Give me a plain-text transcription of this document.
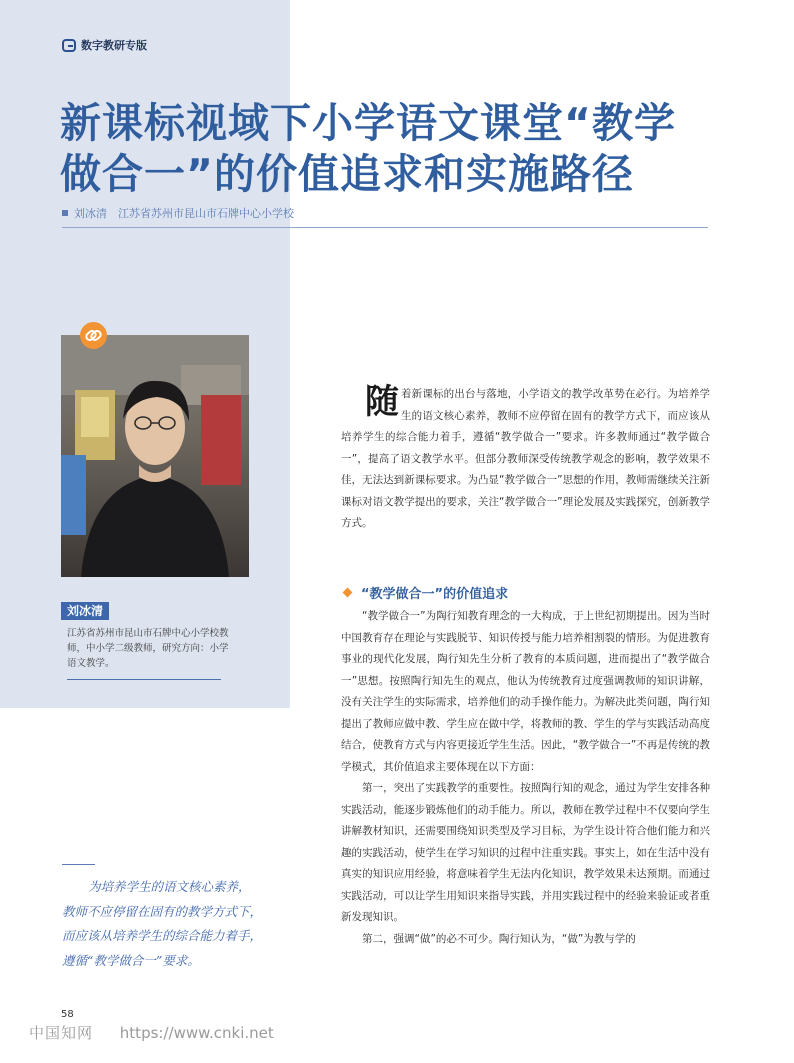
数字教研专版
新课标视域下小学语文课堂“教学
做合一”的价值追求和实施路径
刘冰清　江苏省苏州市昆山市石牌中心小学校
刘冰清
江苏省苏州市昆山市石牌中心小学校教师，中小学二级教师，研究方向：小学语文教学。
为培养学生的语文核心素养，教师不应停留在固有的教学方式下，而应该从培养学生的综合能力着手，遵循“教学做合一”要求。
随着新课标的出台与落地，小学语文的教学改革势在必行。为培养学生的语文核心素养，教师不应停留在固有的教学方式下，而应该从培养学生的综合能力着手，遵循“教学做合一”要求。许多教师通过“教学做合一”，提高了语文教学水平。但部分教师深受传统教学观念的影响，教学效果不佳，无法达到新课标要求。为凸显“教学做合一”思想的作用，教师需继续关注新课标对语文教学提出的要求，关注“教学做合一”理论发展及实践探究，创新教学方式。
“教学做合一”的价值追求

“教学做合一”为陶行知教育理念的一大构成，于上世纪初期提出。因为当时中国教育存在理论与实践脱节、知识传授与能力培养相割裂的情形。为促进教育事业的现代化发展，陶行知先生分析了教育的本质问题，进而提出了“教学做合一”思想。按照陶行知先生的观点，他认为传统教育过度强调教师的知识讲解，没有关注学生的实际需求，培养他们的动手操作能力。为解决此类问题，陶行知提出了教师应做中教、学生应在做中学，将教师的教、学生的学与实践活动高度结合，使教育方式与内容更接近学生生活。因此，“教学做合一”不再是传统的教学模式，其价值追求主要体现在以下方面：

第一，突出了实践教学的重要性。按照陶行知的观念，通过为学生安排各种实践活动，能逐步锻炼他们的动手能力。所以，教师在教学过程中不仅要向学生讲解教材知识，还需要围绕知识类型及学习目标，为学生设计符合他们能力和兴趣的实践活动，使学生在学习知识的过程中注重实践。事实上，如在生活中没有真实的知识应用经验，将意味着学生无法内化知识，教学效果未达预期。而通过实践活动，可以让学生用知识来指导实践，并用实践过程中的经验来验证或者重新发现知识。

第二，强调“做”的必不可少。陶行知认为，“做”为教与学的

58
中国知网 https://www.cnki.net
